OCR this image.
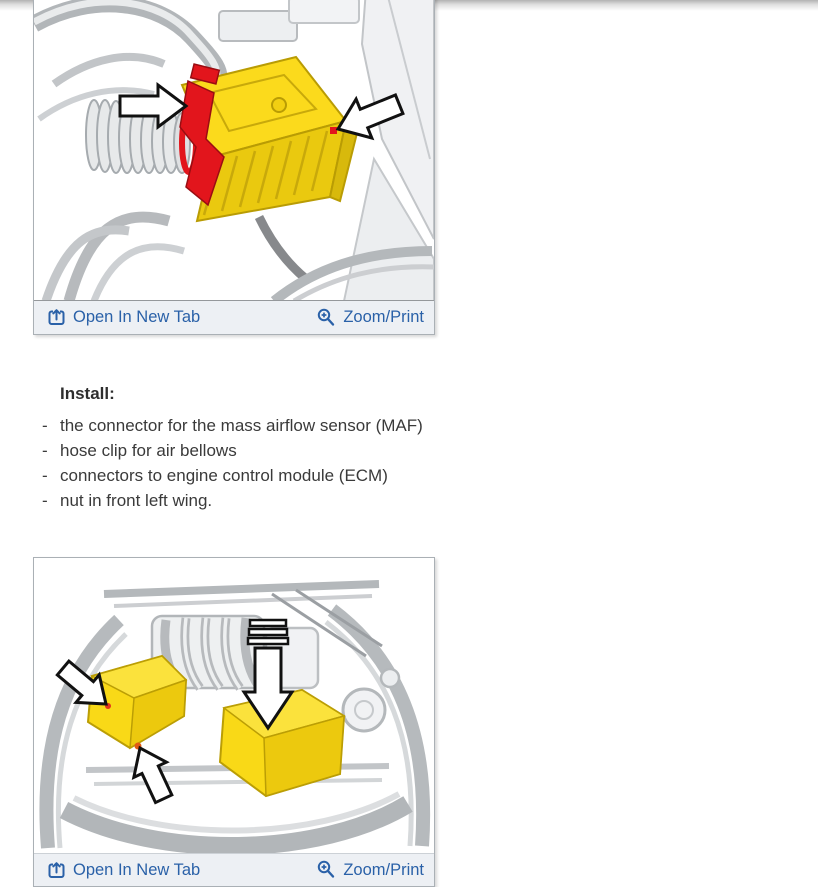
Open In New Tab	Zoom/Print
Install:
- the connector for the mass airflow sensor (MAF)
- hose clip for air bellows
- connectors to engine control module (ECM)
- nut in front left wing.
Open In New Tab	Zoom/Print
